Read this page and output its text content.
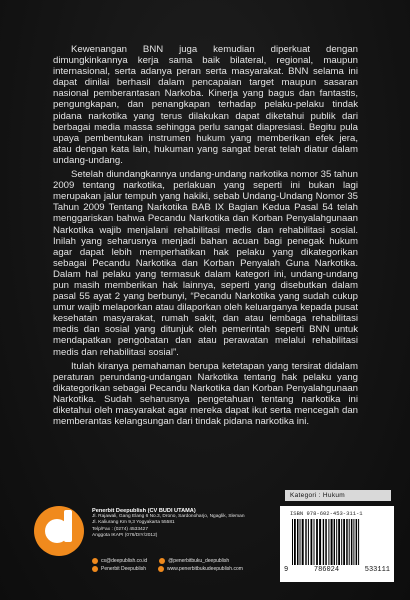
Kewenangan BNN juga kemudian diperkuat dengan dimungkinkannya kerja sama baik bilateral, regional, maupun internasional, serta adanya peran serta masyarakat. BNN selama ini dapat dinilai berhasil dalam pencapaian target maupun sasaran nasional pemberantasan Narkoba. Kinerja yang bagus dan fantastis, pengungkapan, dan penangkapan terhadap pelaku-pelaku tindak pidana narkotika yang terus dilakukan dapat diketahui publik dari berbagai media massa sehingga perlu sangat diapresiasi. Begitu pula upaya pembentukan instrumen hukum yang memberikan efek jera, atau dengan kata lain, hukuman yang sangat berat telah diatur dalam undang-undang.

Setelah diundangkannya undang-undang narkotika nomor 35 tahun 2009 tentang narkotika, perlakuan yang seperti ini bukan lagi merupakan jalur tempuh yang hakiki, sebab Undang-Undang Nomor 35 Tahun 2009 Tentang Narkotika BAB IX Bagian Kedua Pasal 54 telah menggariskan bahwa Pecandu Narkotika dan Korban Penyalahgunaan Narkotika wajib menjalani rehabilitasi medis dan rehabilitasi sosial. Inilah yang seharusnya menjadi bahan acuan bagi penegak hukum agar dapat lebih memperhatikan hak pelaku yang dikategorikan sebagai Pecandu Narkotika dan Korban Penyalah Guna Narkotika. Dalam hal pelaku yang termasuk dalam kategori ini, undang-undang pun masih memberikan hak lainnya, seperti yang disebutkan dalam pasal 55 ayat 2 yang berbunyi, “Pecandu Narkotika yang sudah cukup umur wajib melaporkan atau dilaporkan oleh keluarganya kepada pusat kesehatan masyarakat, rumah sakit, dan atau lembaga rehabilitasi medis dan sosial yang ditunjuk oleh pemerintah seperti BNN untuk mendapatkan pengobatan dan atau perawatan melalui rehabilitasi medis dan rehabilitasi sosial”.

Itulah kiranya pemahaman berupa ketetapan yang tersirat didalam peraturan perundang-undangan Narkotika tentang hak pelaku yang dikategorikan sebagai Pecandu Narkotika dan Korban Penyalahgunaan Narkotika. Sudah seharusnya pengetahuan tentang narkotika ini diketahui oleh masyarakat agar mereka dapat ikut serta mencegah dan memberantas kelangsungan dari tindak pidana narkotika ini.

Penerbit Deepublish (CV BUDI UTAMA)
Jl. Rajawali, Gang Elang 6 No.3, Drono, Sardonoharjo, Ngaglik, Sleman
Jl. Kaliurang Km 9,3 Yogyakarta 55581
Telp/Fax : (0274) 4533427
Anggota IKAPI (076/DIY/2012)
cs@deepublish.co.id	@penerbitbuku_deepublish
Penerbit Deepublish	www.penerbitbukudeepublish.com
Kategori : Hukum
ISBN 978-602-453-311-1
9	786024	533111
